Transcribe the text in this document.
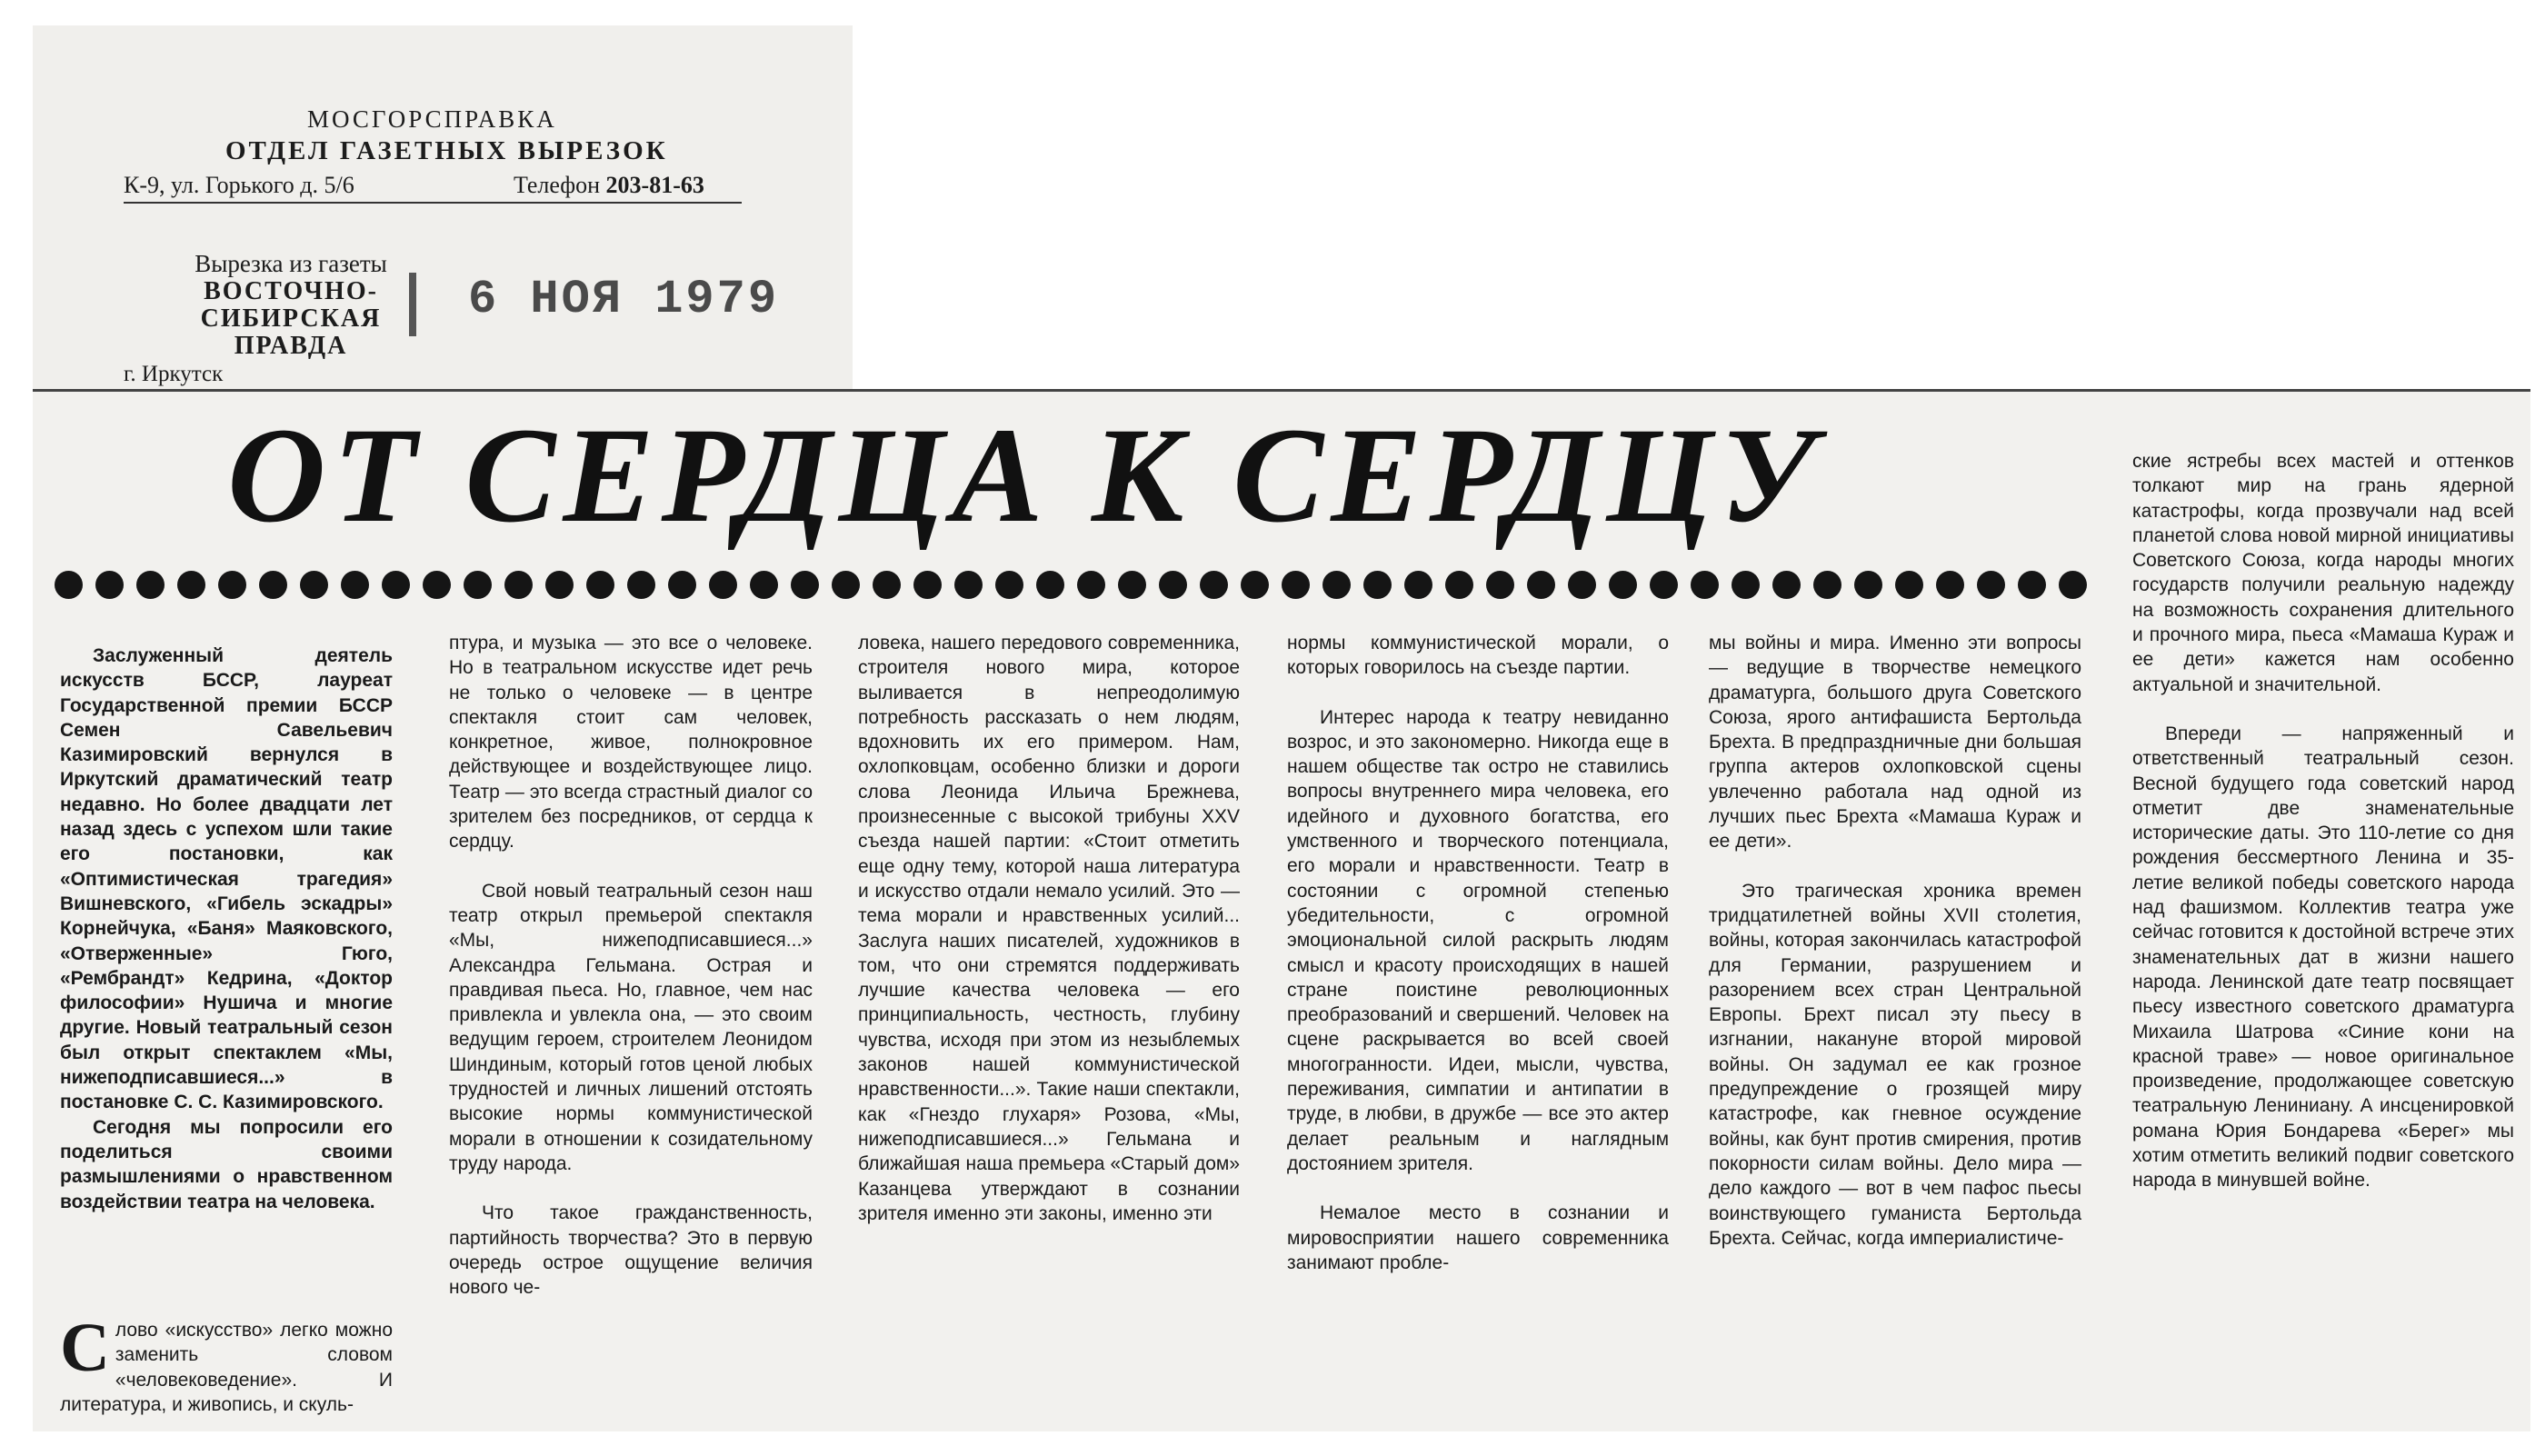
МОСГОРСПРАВКА
ОТДЕЛ ГАЗЕТНЫХ ВЫРЕЗОК
К-9, ул. Горького д. 5/6	Телефон 203-81-63
Вырезка из газеты
ВОСТОЧНО-
СИБИРСКАЯ
ПРАВДА
6 НОЯ 1979
г. Иркутск
ОТ СЕРДЦА К СЕРДЦУ

Заслуженный деятель искусств БССР, лауреат Государственной премии БССР Семен Савельевич Казимировский вернулся в Иркутский драматический театр недавно. Но более двадцати лет назад здесь с успехом шли такие его постановки, как «Оптимистическая трагедия» Вишневского, «Гибель эскадры» Корнейчука, «Баня» Маяковского, «Отверженные» Гюго, «Рембрандт» Кедрина, «Доктор философии» Нушича и многие другие. Новый театральный сезон был открыт спектаклем «Мы, нижеподписавшиеся...» в постановке С. С. Казимировского.

Сегодня мы попросили его поделиться своими размышлениями о нравственном воздействии театра на человека.

Слово «искусство» легко можно заменить словом «человековедение». И литература, и живопись, и скуль-

птура, и музыка — это все о человеке. Но в театральном искусстве идет речь не только о человеке — в центре спектакля стоит сам человек, конкретное, живое, полнокровное действующее и воздействующее лицо. Театр — это всегда страстный диалог со зрителем без посредников, от сердца к сердцу.

Свой новый театральный сезон наш театр открыл премьерой спектакля «Мы, нижеподписавшиеся...» Александра Гельмана. Острая и правдивая пьеса. Но, главное, чем нас привлекла и увлекла она, — это своим ведущим героем, строителем Леонидом Шиндиным, который готов ценой любых трудностей и личных лишений отстоять высокие нормы коммунистической морали в отношении к созидательному труду народа.

Что такое гражданственность, партийность творчества? Это в первую очередь острое ощущение величия нового че-

ловека, нашего передового современника, строителя нового мира, которое выливается в непреодолимую потребность рассказать о нем людям, вдохновить их его примером. Нам, охлопковцам, особенно близки и дороги слова Леонида Ильича Брежнева, произнесенные с высокой трибуны XXV съезда нашей партии: «Стоит отметить еще одну тему, которой наша литература и искусство отдали немало усилий. Это — тема морали и нравственных усилий... Заслуга наших писателей, художников в том, что они стремятся поддерживать лучшие качества человека — его принципиальность, честность, глубину чувства, исходя при этом из незыблемых законов нашей коммунистической нравственности...». Такие наши спектакли, как «Гнездо глухаря» Розова, «Мы, нижеподписавшиеся...» Гельмана и ближайшая наша премьера «Старый дом» Казанцева утверждают в сознании зрителя именно эти законы, именно эти

нормы коммунистической морали, о которых говорилось на съезде партии.

Интерес народа к театру невиданно возрос, и это закономерно. Никогда еще в нашем обществе так остро не ставились вопросы внутреннего мира человека, его идейного и духовного богатства, его умственного и творческого потенциала, его морали и нравственности. Театр в состоянии с огромной степенью убедительности, с огромной эмоциональной силой раскрыть людям смысл и красоту происходящих в нашей стране поистине революционных преобразований и свершений. Человек на сцене раскрывается во всей своей многогранности. Идеи, мысли, чувства, переживания, симпатии и антипатии в труде, в любви, в дружбе — все это актер делает реальным и наглядным достоянием зрителя.

Немалое место в сознании и мировосприятии нашего современника занимают пробле-

мы войны и мира. Именно эти вопросы — ведущие в творчестве немецкого драматурга, большого друга Советского Союза, ярого антифашиста Бертольда Брехта. В предпраздничные дни большая группа актеров охлопковской сцены увлеченно работала над одной из лучших пьес Брехта «Мамаша Кураж и ее дети».

Это трагическая хроника времен тридцатилетней войны XVII столетия, войны, которая закончилась катастрофой для Германии, разрушением и разорением всех стран Центральной Европы. Брехт писал эту пьесу в изгнании, накануне второй мировой войны. Он задумал ее как грозное предупреждение о грозящей миру катастрофе, как гневное осуждение войны, как бунт против смирения, против покорности силам войны. Дело мира — дело каждого — вот в чем пафос пьесы воинствующего гуманиста Бертольда Брехта. Сейчас, когда империалистиче-

ские ястребы всех мастей и оттенков толкают мир на грань ядерной катастрофы, когда прозвучали над всей планетой слова новой мирной инициативы Советского Союза, когда народы многих государств получили реальную надежду на возможность сохранения длительного и прочного мира, пьеса «Мамаша Кураж и ее дети» кажется нам особенно актуальной и значительной.

Впереди — напряженный и ответственный театральный сезон. Весной будущего года советский народ отметит две знаменательные исторические даты. Это 110-летие со дня рождения бессмертного Ленина и 35-летие великой победы советского народа над фашизмом. Коллектив театра уже сейчас готовится к достойной встрече этих знаменательных дат в жизни нашего народа. Ленинской дате театр посвящает пьесу известного советского драматурга Михаила Шатрова «Синие кони на красной траве» — новое оригинальное произведение, продолжающее советскую театральную Лениниану. А инсценировкой романа Юрия Бондарева «Берег» мы хотим отметить великий подвиг советского народа в минувшей войне.
